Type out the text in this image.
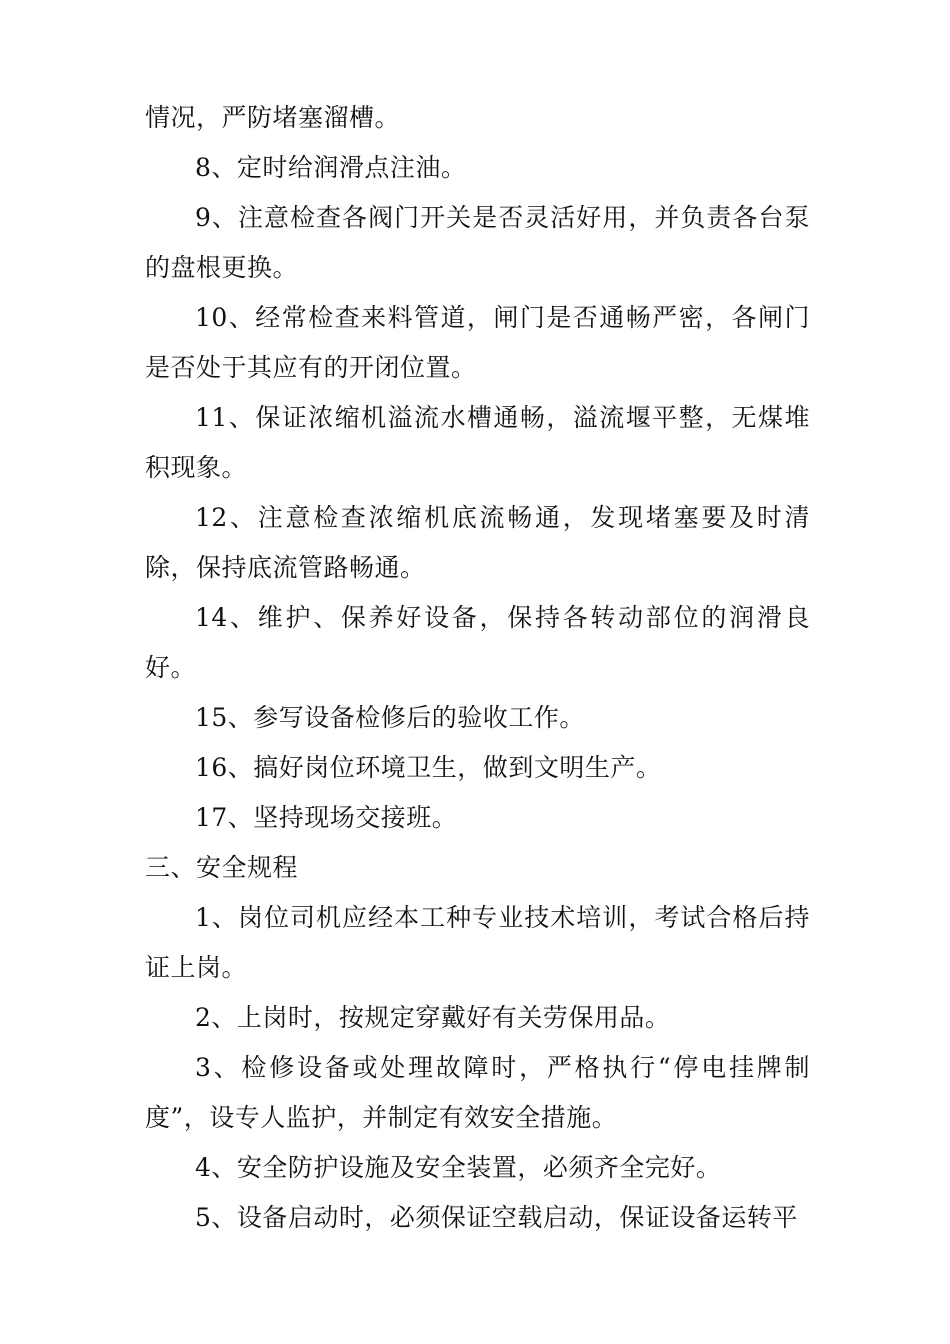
情况，严防堵塞溜槽。

8、定时给润滑点注油。

9、注意检查各阀门开关是否灵活好用，并负责各台泵的盘根更换。

10、经常检查来料管道，闸门是否通畅严密，各闸门是否处于其应有的开闭位置。

11、保证浓缩机溢流水槽通畅，溢流堰平整，无煤堆积现象。

12、注意检查浓缩机底流畅通，发现堵塞要及时清除，保持底流管路畅通。

14、维护、保养好设备，保持各转动部位的润滑良好。

15、参写设备检修后的验收工作。

16、搞好岗位环境卫生，做到文明生产。

17、坚持现场交接班。

三、安全规程

1、岗位司机应经本工种专业技术培训，考试合格后持证上岗。

2、上岗时，按规定穿戴好有关劳保用品。

3、检修设备或处理故障时，严格执行“停电挂牌制度”，设专人监护，并制定有效安全措施。

4、安全防护设施及安全装置，必须齐全完好。

5、设备启动时，必须保证空载启动，保证设备运转平
